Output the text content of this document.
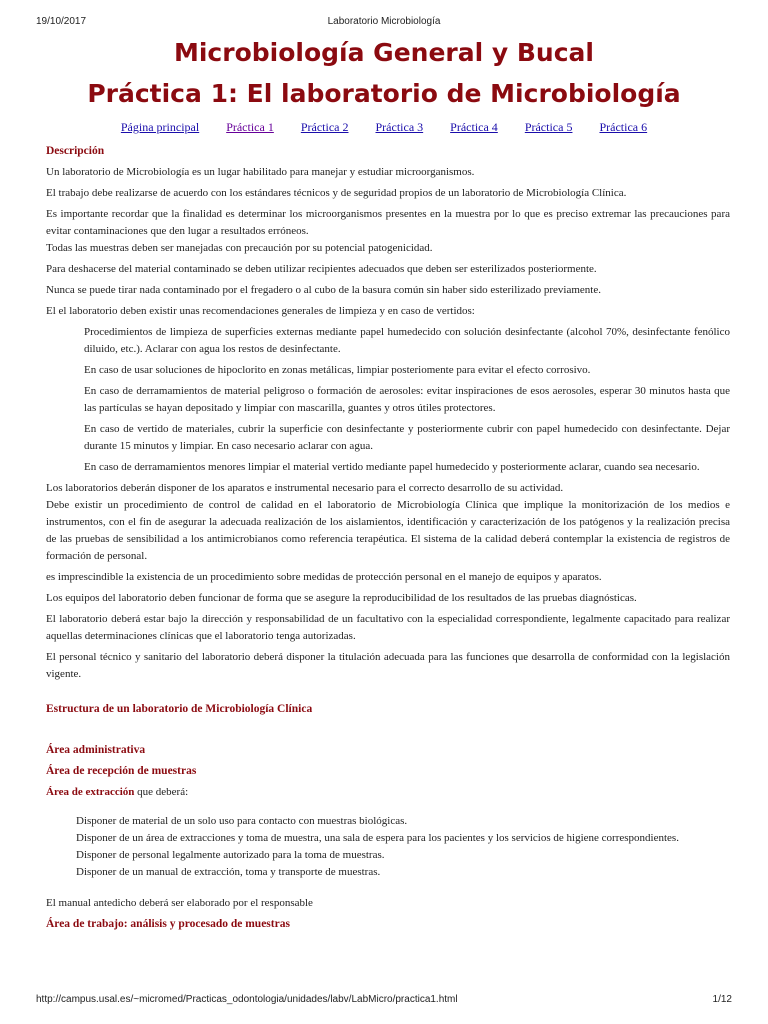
19/10/2017	Laboratorio Microbiología
Microbiología General y Bucal
Práctica 1: El laboratorio de Microbiología
Página principal Práctica 1 Práctica 2 Práctica 3 Práctica 4 Práctica 5 Práctica 6
Descripción

Un laboratorio de Microbiología es un lugar habilitado para manejar y estudiar microorganismos.

El trabajo debe realizarse de acuerdo con los estándares técnicos y de seguridad propios de un laboratorio de Microbiología Clínica.

Es importante recordar que la finalidad es determinar los microorganismos presentes en la muestra por lo que es preciso extremar las precauciones para evitar contaminaciones que den lugar a resultados erróneos.

Todas las muestras deben ser manejadas con precaución por su potencial patogenicidad.

Para deshacerse del material contaminado se deben utilizar recipientes adecuados que deben ser esterilizados posteriormente.

Nunca se puede tirar nada contaminado por el fregadero o al cubo de la basura común sin haber sido esterilizado previamente.

El el laboratorio deben existir unas recomendaciones generales de limpieza y en caso de vertidos:

Procedimientos de limpieza de superficies externas mediante papel humedecido con solución desinfectante (alcohol 70%, desinfectante fenólico diluido, etc.). Aclarar con agua los restos de desinfectante.
En caso de usar soluciones de hipoclorito en zonas metálicas, limpiar posteriomente para evitar el efecto corrosivo.
En caso de derramamientos de material peligroso o formación de aerosoles: evitar inspiraciones de esos aerosoles, esperar 30 minutos hasta que las partículas se hayan depositado y limpiar con mascarilla, guantes y otros útiles protectores.
En caso de vertido de materiales, cubrir la superficie con desinfectante y posteriormente cubrir con papel humedecido con desinfectante. Dejar durante 15 minutos y limpiar. En caso necesario aclarar con agua.
En caso de derramamientos menores limpiar el material vertido mediante papel humedecido y posteriormente aclarar, cuando sea necesario.

Los laboratorios deberán disponer de los aparatos e instrumental necesario para el correcto desarrollo de su actividad.

Debe existir un procedimiento de control de calidad en el laboratorio de Microbiología Clínica que implique la monitorización de los medios e instrumentos, con el fin de asegurar la adecuada realización de los aislamientos, identificación y caracterización de los patógenos y la realización precisa de las pruebas de sensibilidad a los antimicrobianos como referencia terapéutica. El sistema de la calidad deberá contemplar la existencia de registros de formación de personal.

es imprescindible la existencia de un procedimiento sobre medidas de protección personal en el manejo de equipos y aparatos.

Los equipos del laboratorio deben funcionar de forma que se asegure la reproducibilidad de los resultados de las pruebas diagnósticas.

El laboratorio deberá estar bajo la dirección y responsabilidad de un facultativo con la especialidad correspondiente, legalmente capacitado para realizar aquellas determinaciones clínicas que el laboratorio tenga autorizadas.

El personal técnico y sanitario del laboratorio deberá disponer la titulación adecuada para las funciones que desarrolla de conformidad con la legislación vigente.

Estructura de un laboratorio de Microbiología Clínica
Área administrativa
Área de recepción de muestras

Área de extracción que deberá:

Disponer de material de un solo uso para contacto con muestras biológicas.
Disponer de un área de extracciones y toma de muestra, una sala de espera para los pacientes y los servicios de higiene correspondientes.
Disponer de personal legalmente autorizado para la toma de muestras.
Disponer de un manual de extracción, toma y transporte de muestras.

El manual antedicho deberá ser elaborado por el responsable

Área de trabajo: análisis y procesado de muestras
http://campus.usal.es/~micromed/Practicas_odontologia/unidades/labv/LabMicro/practica1.html	1/12
